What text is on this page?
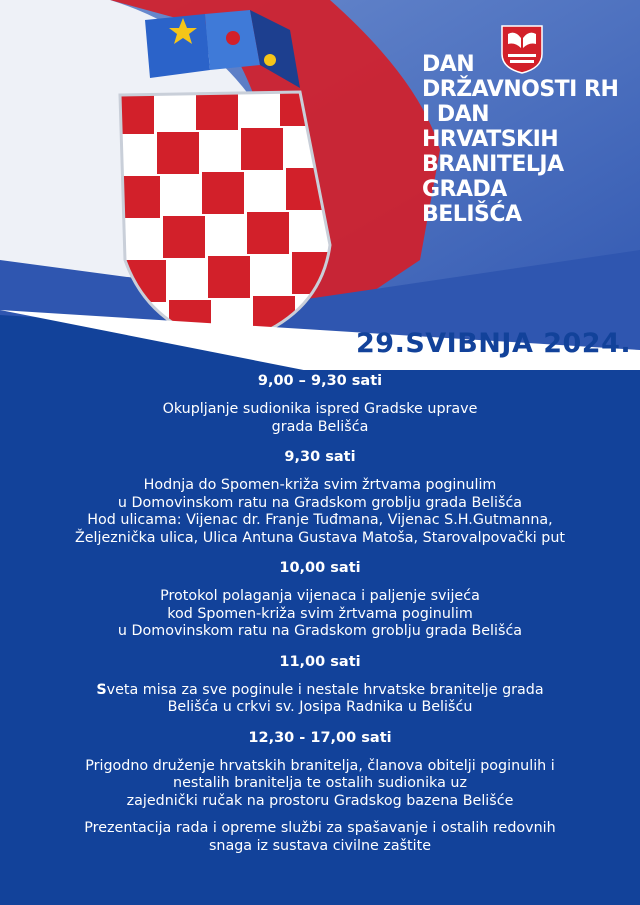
DAN
DRŽAVNOSTI RH
I DAN
HRVATSKIH
BRANITELJA
GRADA
BELIŠĆA
29.SVIBNJA 2024.
9,00 – 9,30 sati
Okupljanje sudionika ispred Gradske uprave
grada Belišća
9,30 sati
Hodnja do Spomen-križa svim žrtvama poginulim
u Domovinskom ratu na Gradskom groblju grada Belišća
Hod ulicama: Vijenac dr. Franje Tuđmana, Vijenac S.H.Gutmanna,
Željeznička ulica, Ulica Antuna Gustava Matoša, Starovalpovački put
10,00 sati
Protokol polaganja vijenaca i paljenje svijeća
kod Spomen-križa svim žrtvama poginulim
u Domovinskom ratu na Gradskom groblju grada Belišća
11,00 sati
Sveta misa za sve poginule i nestale hrvatske branitelje grada
Belišća u crkvi sv. Josipa Radnika u Belišću
12,30 - 17,00 sati
Prigodno druženje hrvatskih branitelja, članova obitelji poginulih i
nestalih branitelja te ostalih sudionika uz
zajednički ručak na prostoru Gradskog bazena Belišće
Prezentacija rada i opreme službi za spašavanje i ostalih redovnih
snaga iz sustava civilne zaštite
